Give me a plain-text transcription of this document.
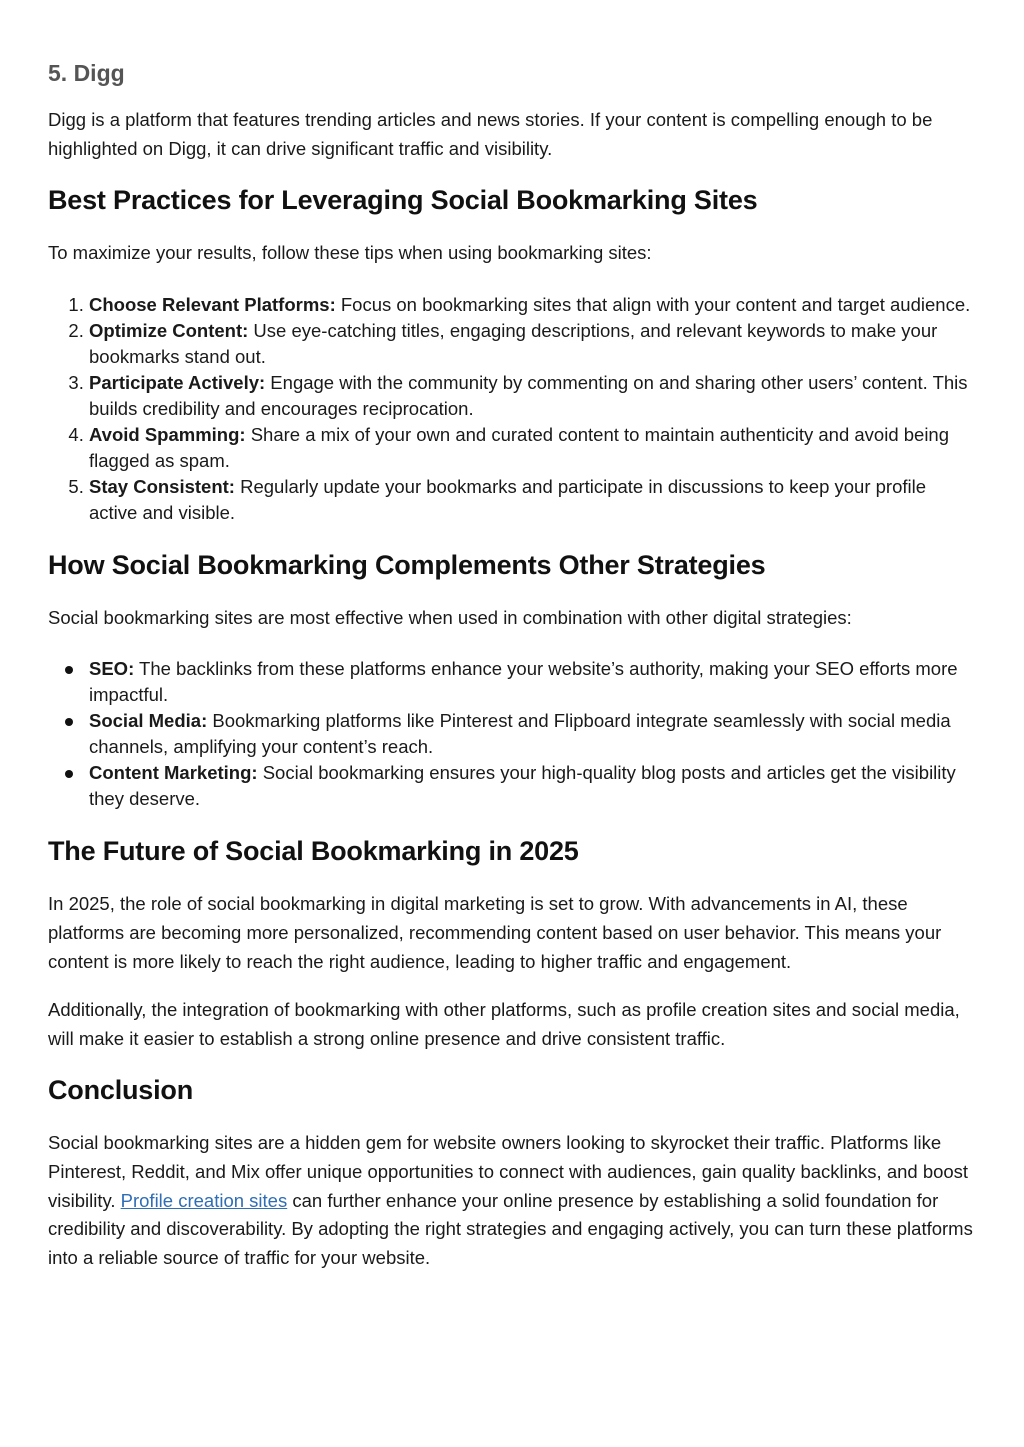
5. Digg

Digg is a platform that features trending articles and news stories. If your content is compelling enough to be highlighted on Digg, it can drive significant traffic and visibility.

Best Practices for Leveraging Social Bookmarking Sites

To maximize your results, follow these tips when using bookmarking sites:

1. Choose Relevant Platforms: Focus on bookmarking sites that align with your content and target audience.
2. Optimize Content: Use eye-catching titles, engaging descriptions, and relevant keywords to make your bookmarks stand out.
3. Participate Actively: Engage with the community by commenting on and sharing other users’ content. This builds credibility and encourages reciprocation.
4. Avoid Spamming: Share a mix of your own and curated content to maintain authenticity and avoid being flagged as spam.
5. Stay Consistent: Regularly update your bookmarks and participate in discussions to keep your profile active and visible.
How Social Bookmarking Complements Other Strategies

Social bookmarking sites are most effective when used in combination with other digital strategies:

SEO: The backlinks from these platforms enhance your website’s authority, making your SEO efforts more impactful.
Social Media: Bookmarking platforms like Pinterest and Flipboard integrate seamlessly with social media channels, amplifying your content’s reach.
Content Marketing: Social bookmarking ensures your high-quality blog posts and articles get the visibility they deserve.
The Future of Social Bookmarking in 2025

In 2025, the role of social bookmarking in digital marketing is set to grow. With advancements in AI, these platforms are becoming more personalized, recommending content based on user behavior. This means your content is more likely to reach the right audience, leading to higher traffic and engagement.

Additionally, the integration of bookmarking with other platforms, such as profile creation sites and social media, will make it easier to establish a strong online presence and drive consistent traffic.

Conclusion

Social bookmarking sites are a hidden gem for website owners looking to skyrocket their traffic. Platforms like Pinterest, Reddit, and Mix offer unique opportunities to connect with audiences, gain quality backlinks, and boost visibility. Profile creation sites can further enhance your online presence by establishing a solid foundation for credibility and discoverability. By adopting the right strategies and engaging actively, you can turn these platforms into a reliable source of traffic for your website.
